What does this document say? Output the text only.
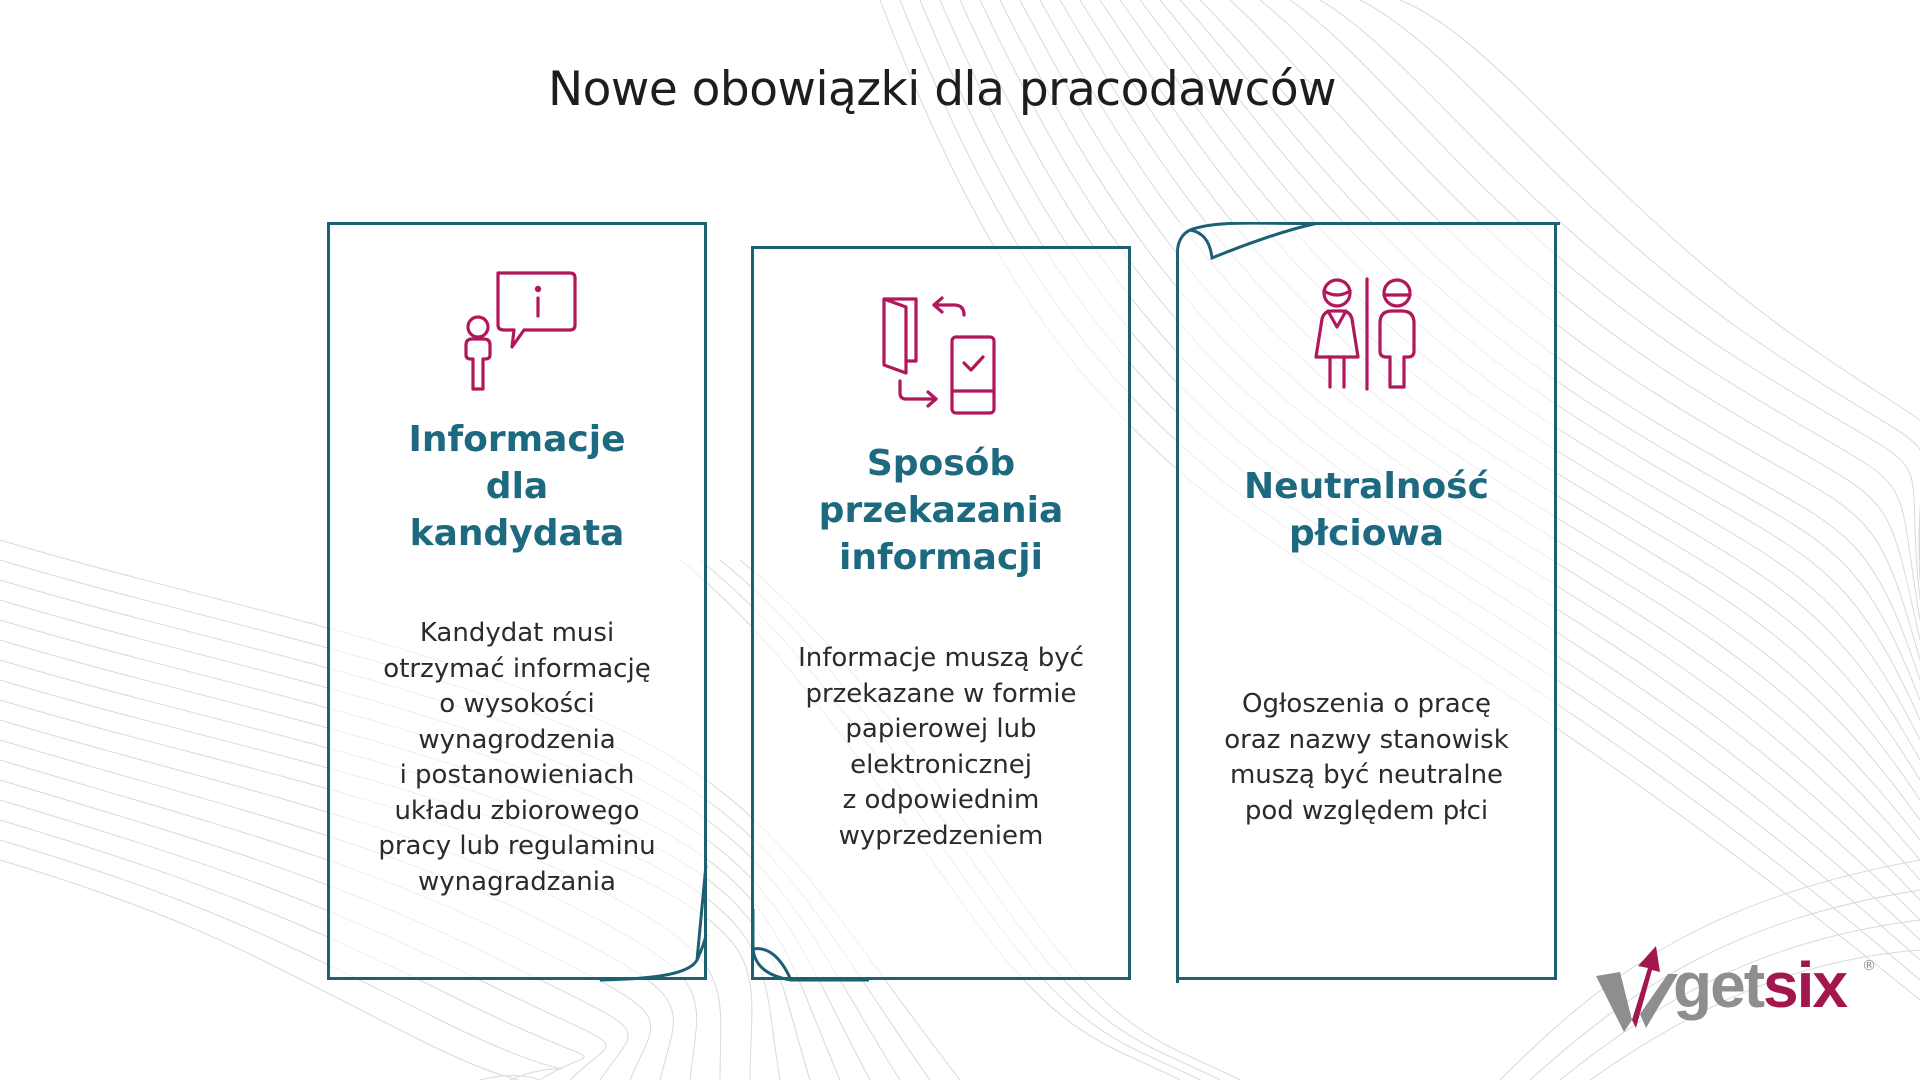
Nowe obowiązki dla pracodawców
Informacje
dla
kandydata
Kandydat musi
otrzymać informację
o wysokości
wynagrodzenia
i postanowieniach
układu zbiorowego
pracy lub regulaminu
wynagradzania
Sposób
przekazania
informacji
Informacje muszą być
przekazane w formie
papierowej lub
elektronicznej
z odpowiednim
wyprzedzeniem
Neutralność
płciowa
Ogłoszenia o pracę
oraz nazwy stanowisk
muszą być neutralne
pod względem płci
getsix ®
